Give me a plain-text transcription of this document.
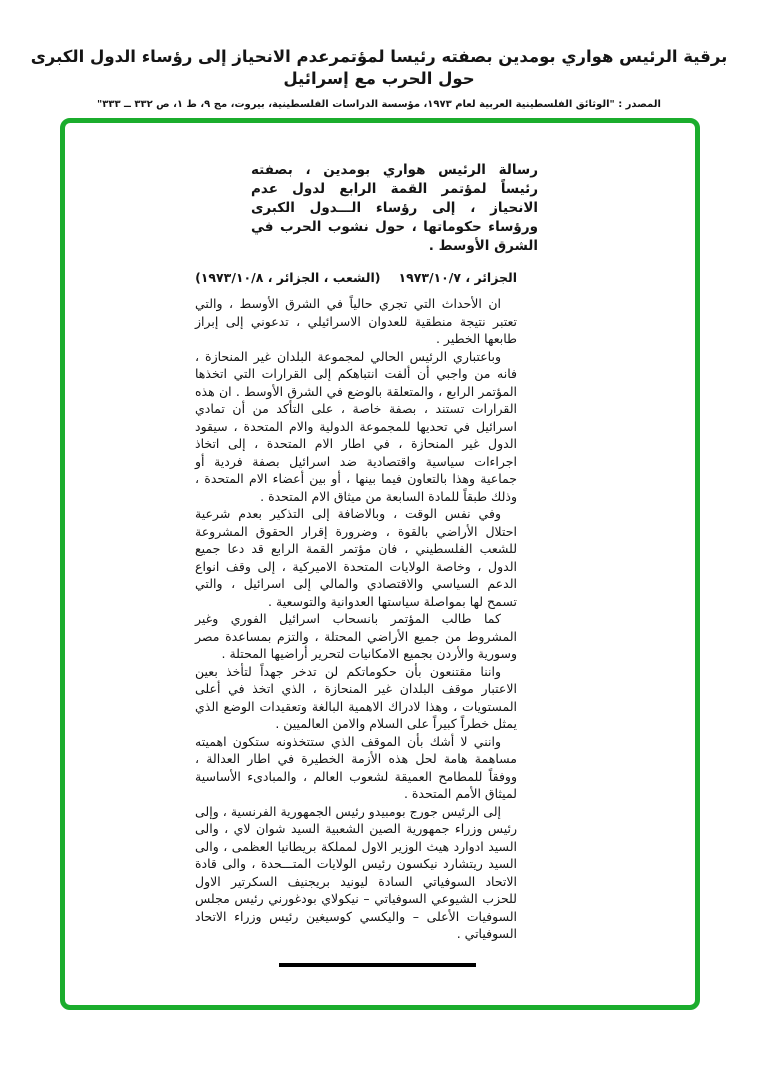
برقية الرئيس هواري بومدين بصفته رئيسا لمؤتمرعدم الانحياز إلى رؤساء الدول الكبرى حول الحرب مع إسرائيل
المصدر : "الوثائق الفلسطينية العربية لعام ١٩٧٣، مؤسسة الدراسات الفلسطينية، بيروت، مج ٩، ط ١، ص ٣٣٢ ــ ٣٣٣"
رسالة الرئيس هواري بومدين ، بصفته رئيساً لمؤتمر القمة الرابع لدول عدم الانحياز ، إلى رؤساء الـــدول الكبرى ورؤساء حكوماتها ، حول نشوب الحرب في الشرق الأوسط .
الجزائر ، ١٩٧٣/١٠/٧
(الشعب ، الجزائر ، ١٩٧٣/١٠/٨)

ان الأحداث التي تجري حالياً في الشرق الأوسط ، والتي تعتبر نتيجة منطقية للعدوان الاسرائيلي ، تدعوني إلى إبراز طابعها الخطير .

وباعتباري الرئيس الحالي لمجموعة البلدان غير المنحازة ، فانه من واجبي أن ألفت انتباهكم إلى القرارات التي اتخذها المؤتمر الرابع ، والمتعلقة بالوضع في الشرق الأوسط . ان هذه القرارات تستند ، بصفة خاصة ، على التأكد من أن تمادي اسرائيل في تحديها للمجموعة الدولية والام المتحدة ، سيقود الدول غير المنحازة ، في اطار الام المتحدة ، إلى اتخاذ اجراءات سياسية واقتصادية ضد اسرائيل بصفة فردية أو جماعية وهذا بالتعاون فيما بينها ، أو بين أعضاء الام المتحدة ، وذلك طبقاً للمادة السابعة من ميثاق الام المتحدة .

وفي نفس الوقت ، وبالاضافة إلى التذكير بعدم شرعية احتلال الأراضي بالقوة ، وضرورة إقرار الحقوق المشروعة للشعب الفلسطيني ، فان مؤتمر القمة الرابع قد دعا جميع الدول ، وخاصة الولايات المتحدة الاميركية ، إلى وقف انواع الدعم السياسي والاقتصادي والمالي إلى اسرائيل ، والتي تسمح لها بمواصلة سياستها العدوانية والتوسعية .

كما طالب المؤتمر بانسحاب اسرائيل الفوري وغير المشروط من جميع الأراضي المحتلة ، والتزم بمساعدة مصر وسورية والأردن بجميع الامكانيات لتحرير أراضيها المحتلة .

واننا مقتنعون بأن حكوماتكم لن تدخر جهداً لتأخذ بعين الاعتبار موقف البلدان غير المنحازة ، الذي اتخذ في أعلى المستويات ، وهذا لادراك الاهمية البالغة وتعقيدات الوضع الذي يمثل خطراً كبيراً على السلام والامن العالميين .

وانني لا أشك بأن الموقف الذي ستتخذونه ستكون اهميته مساهمة هامة لحل هذه الأزمة الخطيرة في اطار العدالة ، ووفقاً للمطامح العميقة لشعوب العالم ، والمبادىء الأساسية لميثاق الأمم المتحدة .

إلى الرئيس جورج بومبيدو رئيس الجمهورية الفرنسية ، وإلى رئيس وزراء جمهورية الصين الشعبية السيد شوان لاي ، والى السيد ادوارد هيث الوزير الاول لمملكة بريطانيا العظمى ، والى السيد ريتشارد نيكسون رئيس الولايات المتـــحدة ، والى قادة الاتحاد السوفياتي السادة ليونيد بريجنيف السكرتير الاول للحزب الشيوعي السوفياتي – نيكولاي بودغورني رئيس مجلس السوفيات الأعلى – واليكسي كوسيغين رئيس وزراء الاتحاد السوفياتي .
